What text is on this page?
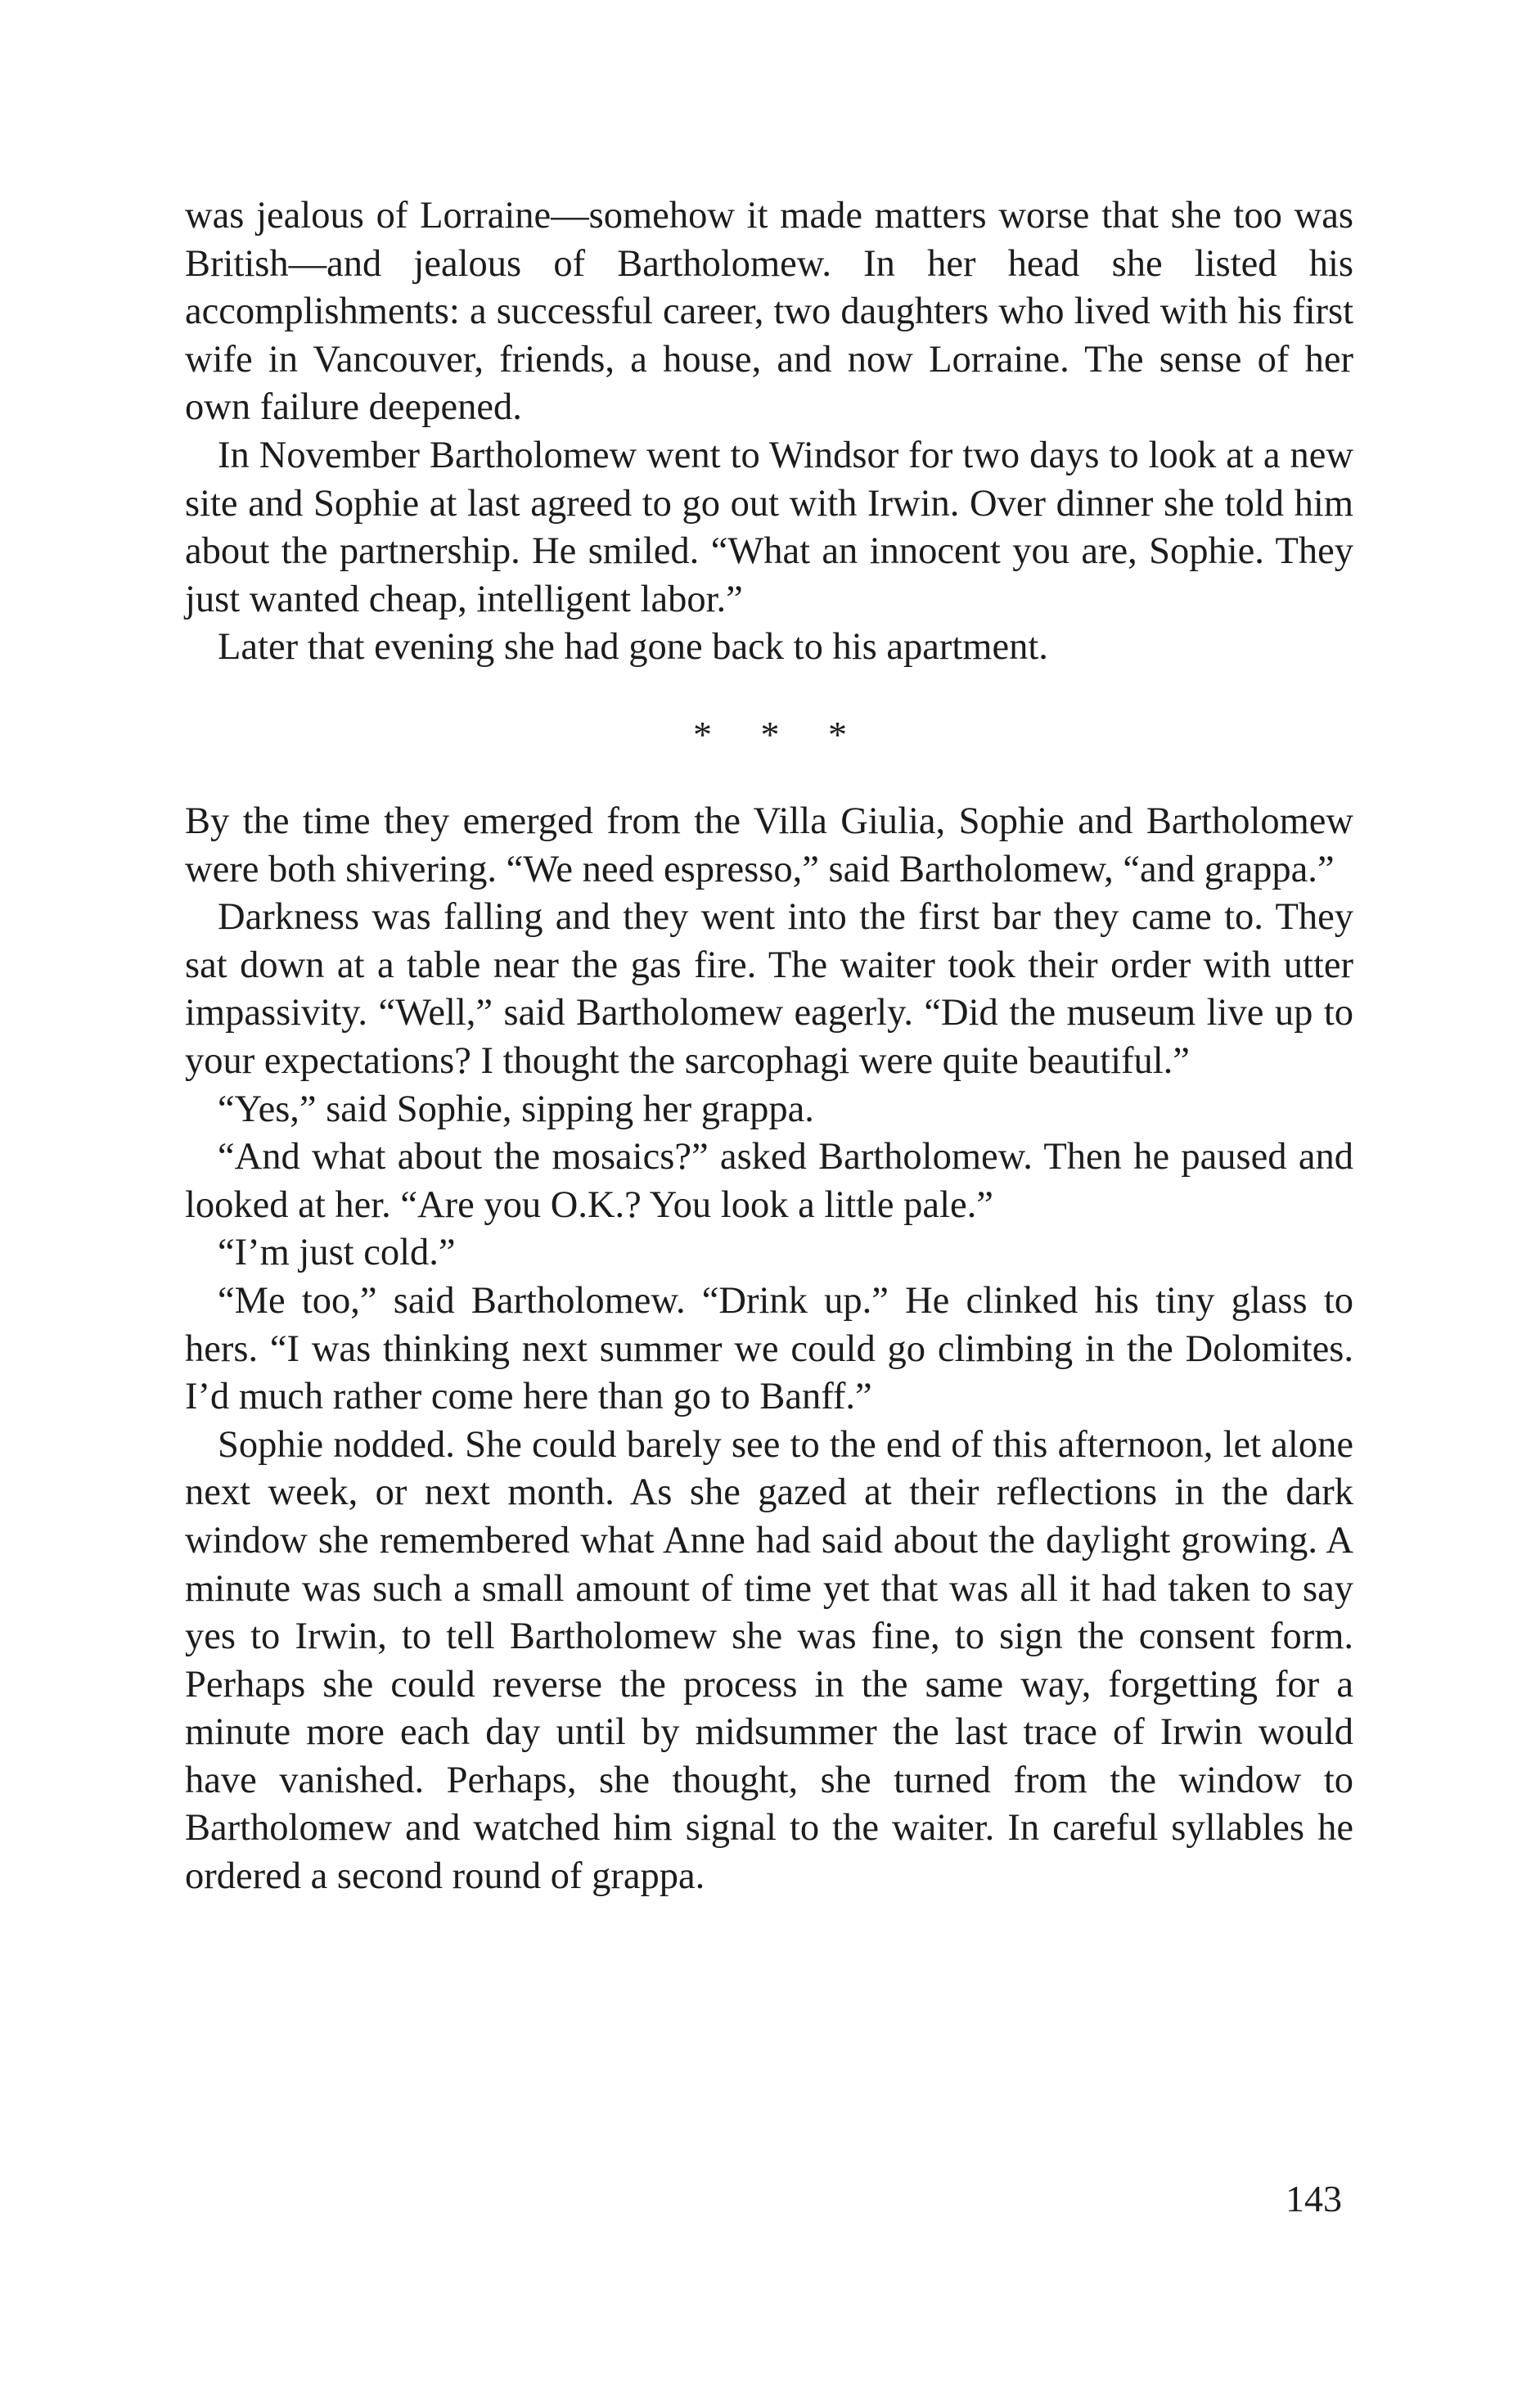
was jealous of Lorraine—somehow it made matters worse that she too was British—and jealous of Bartholomew. In her head she listed his accomplishments: a successful career, two daughters who lived with his first wife in Vancouver, friends, a house, and now Lorraine. The sense of her own failure deepened.

In November Bartholomew went to Windsor for two days to look at a new site and Sophie at last agreed to go out with Irwin. Over dinner she told him about the partnership. He smiled. “What an innocent you are, Sophie. They just wanted cheap, intelligent labor.”

Later that evening she had gone back to his apartment.

* * *

By the time they emerged from the Villa Giulia, Sophie and Bartholomew were both shivering. “We need espresso,” said Bartholomew, “and grappa.”

Darkness was falling and they went into the first bar they came to. They sat down at a table near the gas fire. The waiter took their order with utter impassivity. “Well,” said Bartholomew eagerly. “Did the museum live up to your expectations? I thought the sarcophagi were quite beautiful.”

“Yes,” said Sophie, sipping her grappa.

“And what about the mosaics?” asked Bartholomew. Then he paused and looked at her. “Are you O.K.? You look a little pale.”

“I’m just cold.”

“Me too,” said Bartholomew. “Drink up.” He clinked his tiny glass to hers. “I was thinking next summer we could go climbing in the Dolomites. I’d much rather come here than go to Banff.”

Sophie nodded. She could barely see to the end of this afternoon, let alone next week, or next month. As she gazed at their reflections in the dark window she remembered what Anne had said about the daylight growing. A minute was such a small amount of time yet that was all it had taken to say yes to Irwin, to tell Bartholomew she was fine, to sign the consent form. Perhaps she could reverse the process in the same way, forgetting for a minute more each day until by midsummer the last trace of Irwin would have vanished. Perhaps, she thought, she turned from the window to Bartholomew and watched him signal to the waiter. In careful syllables he ordered a second round of grappa.

143
